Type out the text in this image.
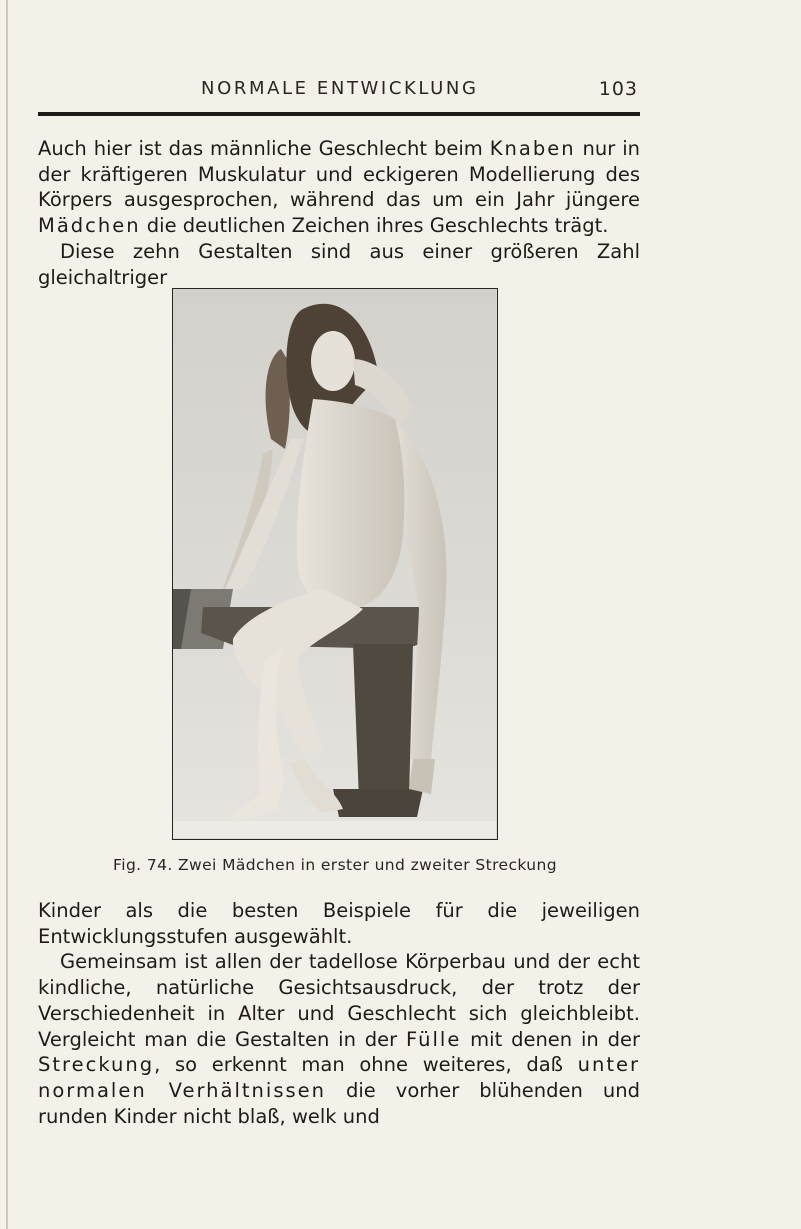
NORMALE ENTWICKLUNG	103

Auch hier ist das männliche Geschlecht beim Knaben nur in der kräftigeren Muskulatur und eckigeren Modellierung des Körpers ausgesprochen, während das um ein Jahr jüngere Mädchen die deutlichen Zeichen ihres Geschlechts trägt.

Diese zehn Gestalten sind aus einer größeren Zahl gleichaltriger

Fig. 74. Zwei Mädchen in erster und zweiter Streckung

Kinder als die besten Beispiele für die jeweiligen Entwicklungsstufen ausgewählt.

Gemeinsam ist allen der tadellose Körperbau und der echt kindliche, natürliche Gesichtsausdruck, der trotz der Verschiedenheit in Alter und Geschlecht sich gleichbleibt. Vergleicht man die Gestalten in der Fülle mit denen in der Streckung, so erkennt man ohne weiteres, daß unter normalen Verhältnissen die vorher blühenden und runden Kinder nicht blaß, welk und
